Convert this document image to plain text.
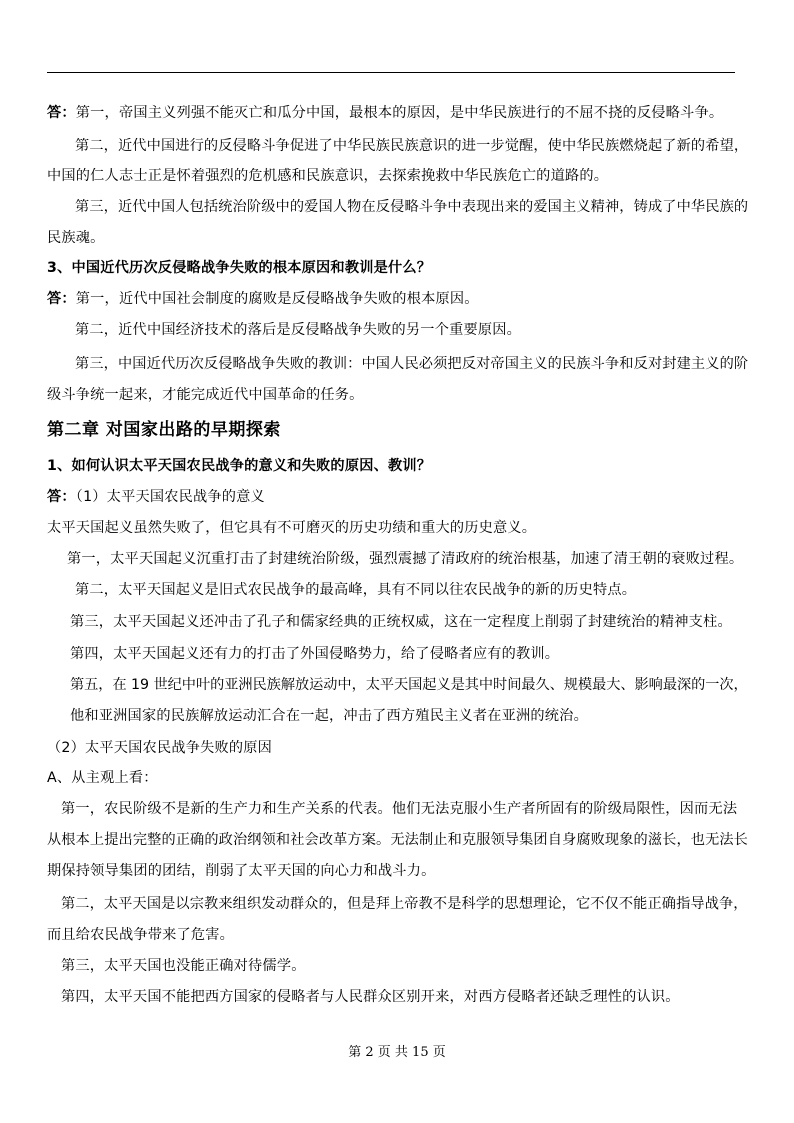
答：第一，帝国主义列强不能灭亡和瓜分中国，最根本的原因，是中华民族进行的不屈不挠的反侵略斗争。
第二，近代中国进行的反侵略斗争促进了中华民族民族意识的进一步觉醒，使中华民族燃烧起了新的希望，
中国的仁人志士正是怀着强烈的危机感和民族意识，去探索挽救中华民族危亡的道路的。
第三，近代中国人包括统治阶级中的爱国人物在反侵略斗争中表现出来的爱国主义精神，铸成了中华民族的
民族魂。
3、中国近代历次反侵略战争失败的根本原因和教训是什么？
答：第一，近代中国社会制度的腐败是反侵略战争失败的根本原因。
第二，近代中国经济技术的落后是反侵略战争失败的另一个重要原因。
第三，中国近代历次反侵略战争失败的教训：中国人民必须把反对帝国主义的民族斗争和反对封建主义的阶
级斗争统一起来，才能完成近代中国革命的任务。
第二章 对国家出路的早期探索
1、如何认识太平天国农民战争的意义和失败的原因、教训？
答：（1）太平天国农民战争的意义
太平天国起义虽然失败了，但它具有不可磨灭的历史功绩和重大的历史意义。
第一，太平天国起义沉重打击了封建统治阶级，强烈震撼了清政府的统治根基，加速了清王朝的衰败过程。
第二，太平天国起义是旧式农民战争的最高峰，具有不同以往农民战争的新的历史特点。
第三，太平天国起义还冲击了孔子和儒家经典的正统权威，这在一定程度上削弱了封建统治的精神支柱。
第四，太平天国起义还有力的打击了外国侵略势力，给了侵略者应有的教训。
第五，在 19 世纪中叶的亚洲民族解放运动中，太平天国起义是其中时间最久、规模最大、影响最深的一次，
他和亚洲国家的民族解放运动汇合在一起，冲击了西方殖民主义者在亚洲的统治。
（2）太平天国农民战争失败的原因
A、从主观上看：
第一，农民阶级不是新的生产力和生产关系的代表。他们无法克服小生产者所固有的阶级局限性，因而无法
从根本上提出完整的正确的政治纲领和社会改革方案。无法制止和克服领导集团自身腐败现象的滋长，也无法长
期保持领导集团的团结，削弱了太平天国的向心力和战斗力。
第二，太平天国是以宗教来组织发动群众的，但是拜上帝教不是科学的思想理论，它不仅不能正确指导战争，
而且给农民战争带来了危害。
第三，太平天国也没能正确对待儒学。
第四，太平天国不能把西方国家的侵略者与人民群众区别开来，对西方侵略者还缺乏理性的认识。
第 2 页 共 15 页
